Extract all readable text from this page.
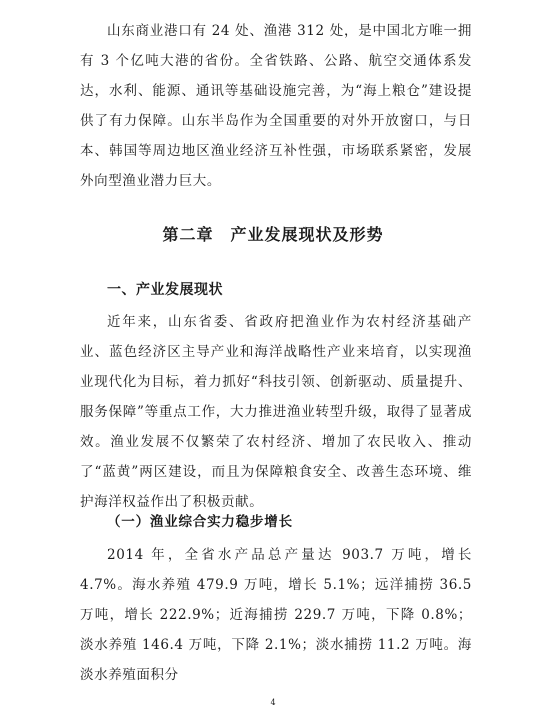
山东商业港口有 24 处、渔港 312 处，是中国北方唯一拥有 3 个亿吨大港的省份。全省铁路、公路、航空交通体系发达，水利、能源、通讯等基础设施完善，为“海上粮仓”建设提供了有力保障。山东半岛作为全国重要的对外开放窗口，与日本、韩国等周边地区渔业经济互补性强，市场联系紧密，发展外向型渔业潜力巨大。

第二章　产业发展现状及形势
一、产业发展现状

近年来，山东省委、省政府把渔业作为农村经济基础产业、蓝色经济区主导产业和海洋战略性产业来培育，以实现渔业现代化为目标，着力抓好“科技引领、创新驱动、质量提升、服务保障”等重点工作，大力推进渔业转型升级，取得了显著成效。渔业发展不仅繁荣了农村经济、增加了农民收入、推动了“蓝黄”两区建设，而且为保障粮食安全、改善生态环境、维护海洋权益作出了积极贡献。

（一）渔业综合实力稳步增长

2014 年，全省水产品总产量达 903.7 万吨，增长 4.7%。海水养殖 479.9 万吨，增长 5.1%；远洋捕捞 36.5 万吨，增长 222.9%；近海捕捞 229.7 万吨，下降 0.8%；淡水养殖 146.4 万吨，下降 2.1%；淡水捕捞 11.2 万吨。海淡水养殖面积分

4
